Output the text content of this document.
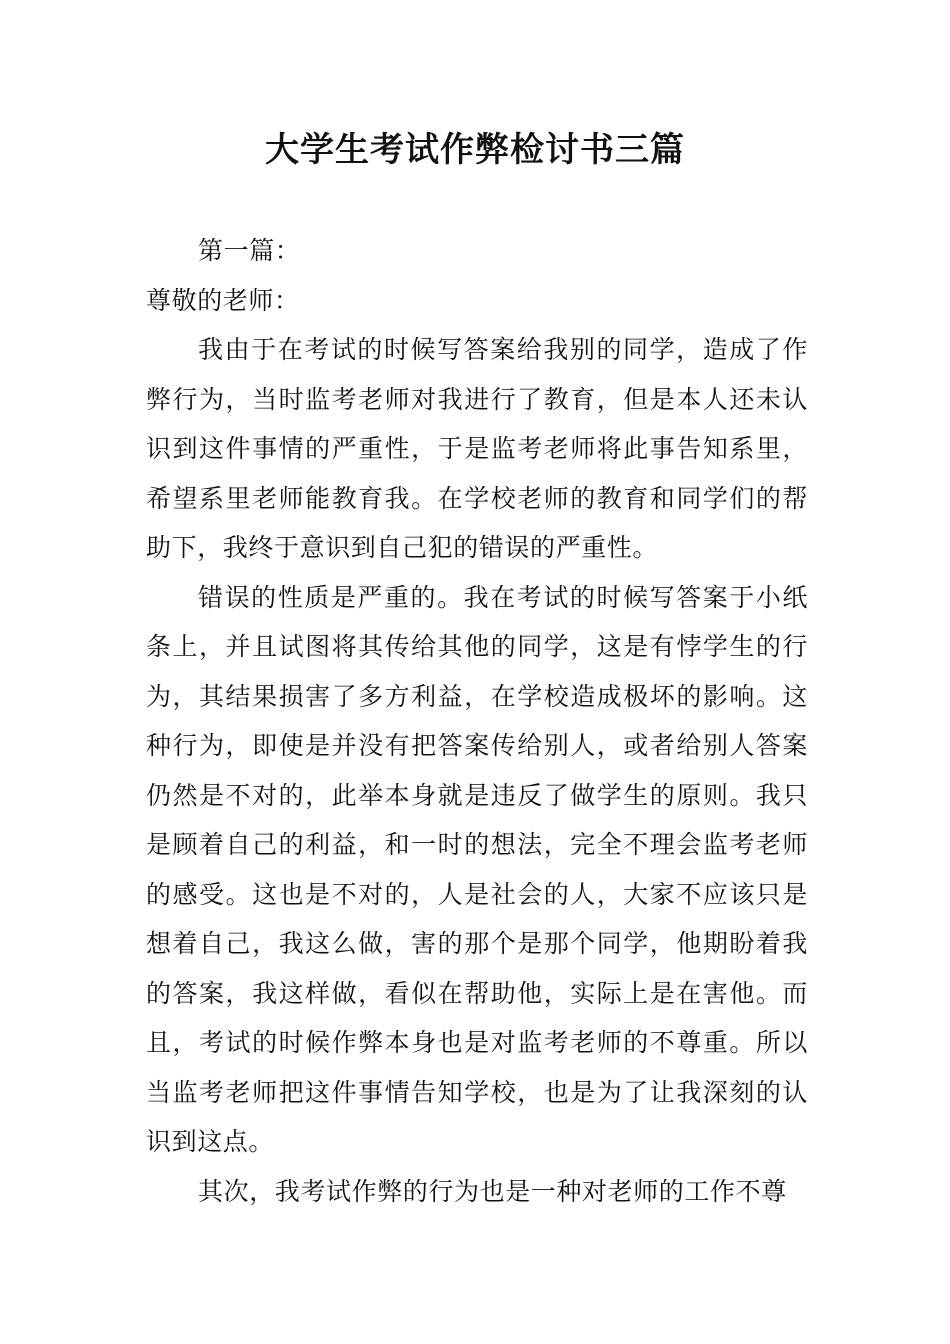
大学生考试作弊检讨书三篇

第一篇：

尊敬的老师：

我由于在考试的时候写答案给我别的同学，造成了作弊行为，当时监考老师对我进行了教育，但是本人还未认识到这件事情的严重性，于是监考老师将此事告知系里，希望系里老师能教育我。在学校老师的教育和同学们的帮助下，我终于意识到自己犯的错误的严重性。

错误的性质是严重的。我在考试的时候写答案于小纸条上，并且试图将其传给其他的同学，这是有悖学生的行为，其结果损害了多方利益，在学校造成极坏的影响。这种行为，即使是并没有把答案传给别人，或者给别人答案仍然是不对的，此举本身就是违反了做学生的原则。我只是顾着自己的利益，和一时的想法，完全不理会监考老师的感受。这也是不对的，人是社会的人，大家不应该只是想着自己，我这么做，害的那个是那个同学，他期盼着我的答案，我这样做，看似在帮助他，实际上是在害他。而且，考试的时候作弊本身也是对监考老师的不尊重。所以当监考老师把这件事情告知学校，也是为了让我深刻的认识到这点。

其次，我考试作弊的行为也是一种对老师的工作不尊
